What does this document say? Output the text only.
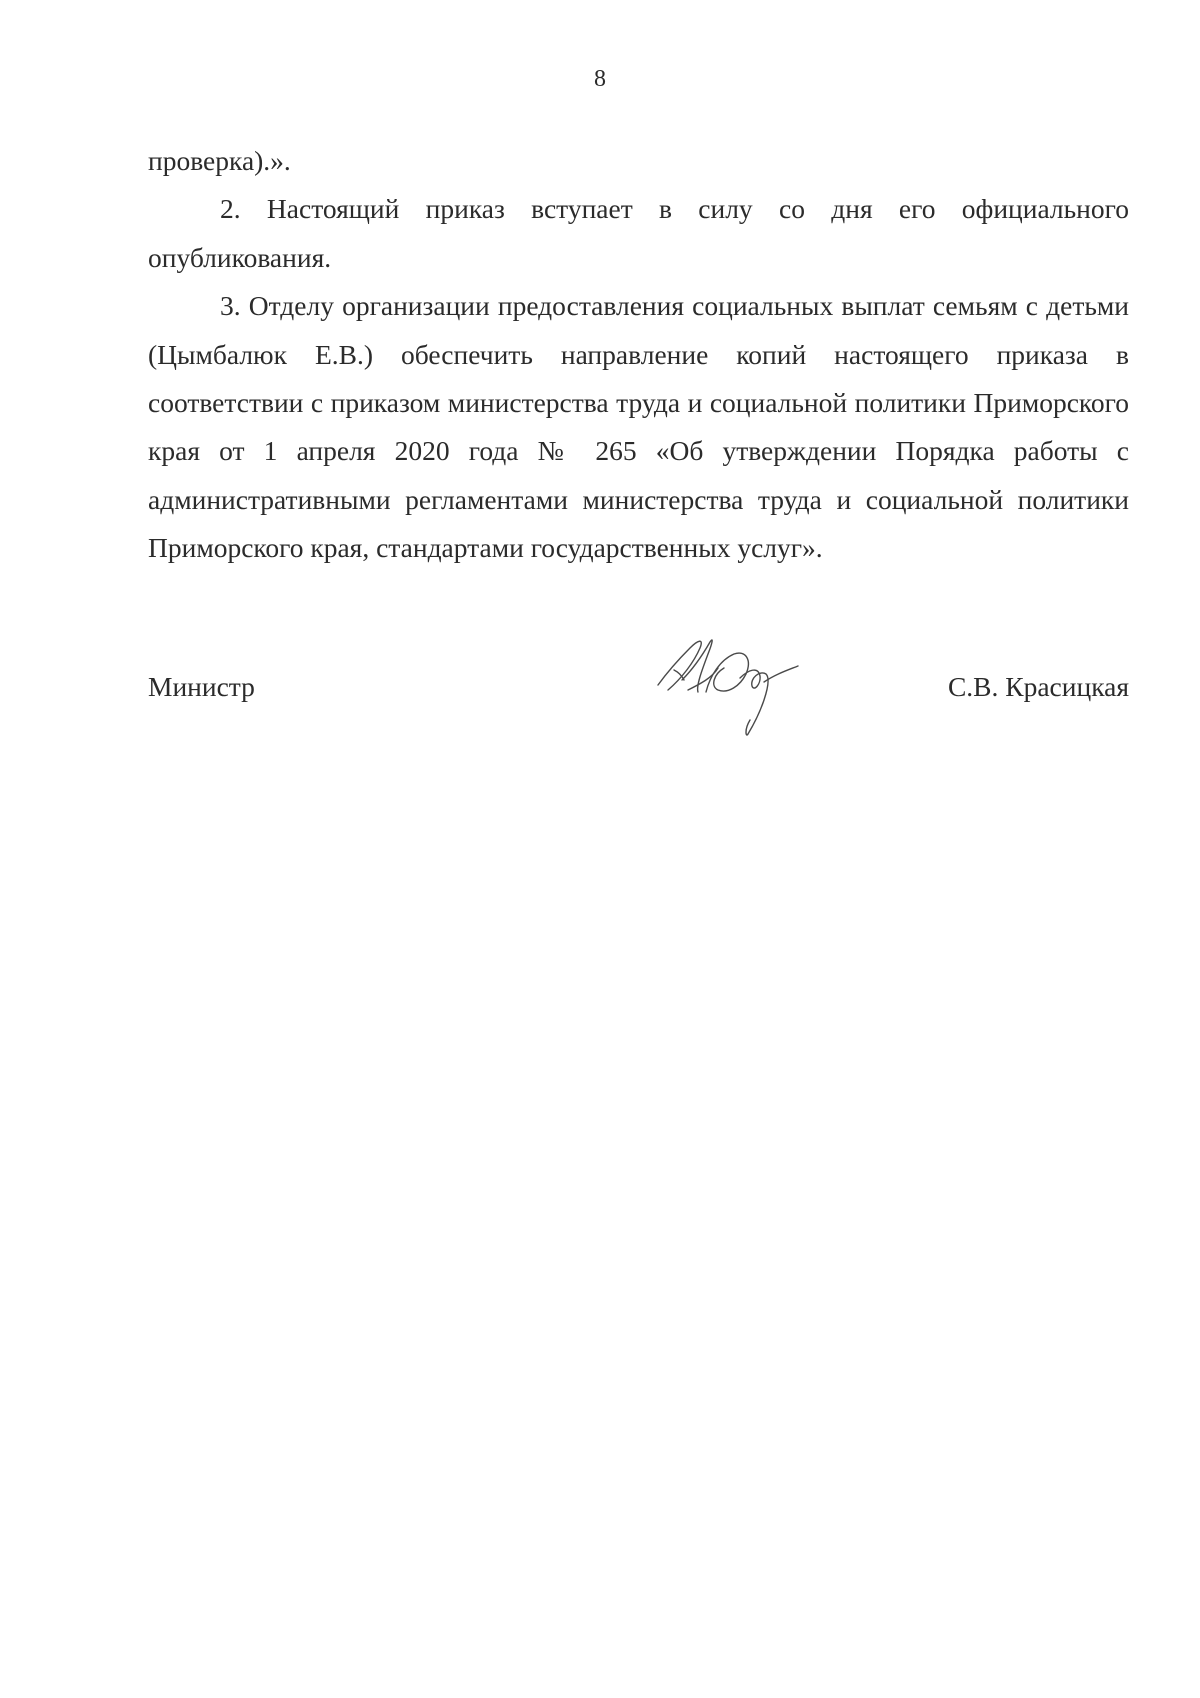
8

проверка).».

2. Настоящий приказ вступает в силу со дня его официального опубликования.

3. Отделу организации предоставления социальных выплат семьям с детьми (Цымбалюк Е.В.) обеспечить направление копий настоящего приказа в соответствии с приказом министерства труда и социальной политики Приморского края от 1 апреля 2020 года № 265 «Об утверждении Порядка работы с административными регламентами министерства труда и социальной политики Приморского края, стандартами государственных услуг».

Министр	С.В. Красицкая
